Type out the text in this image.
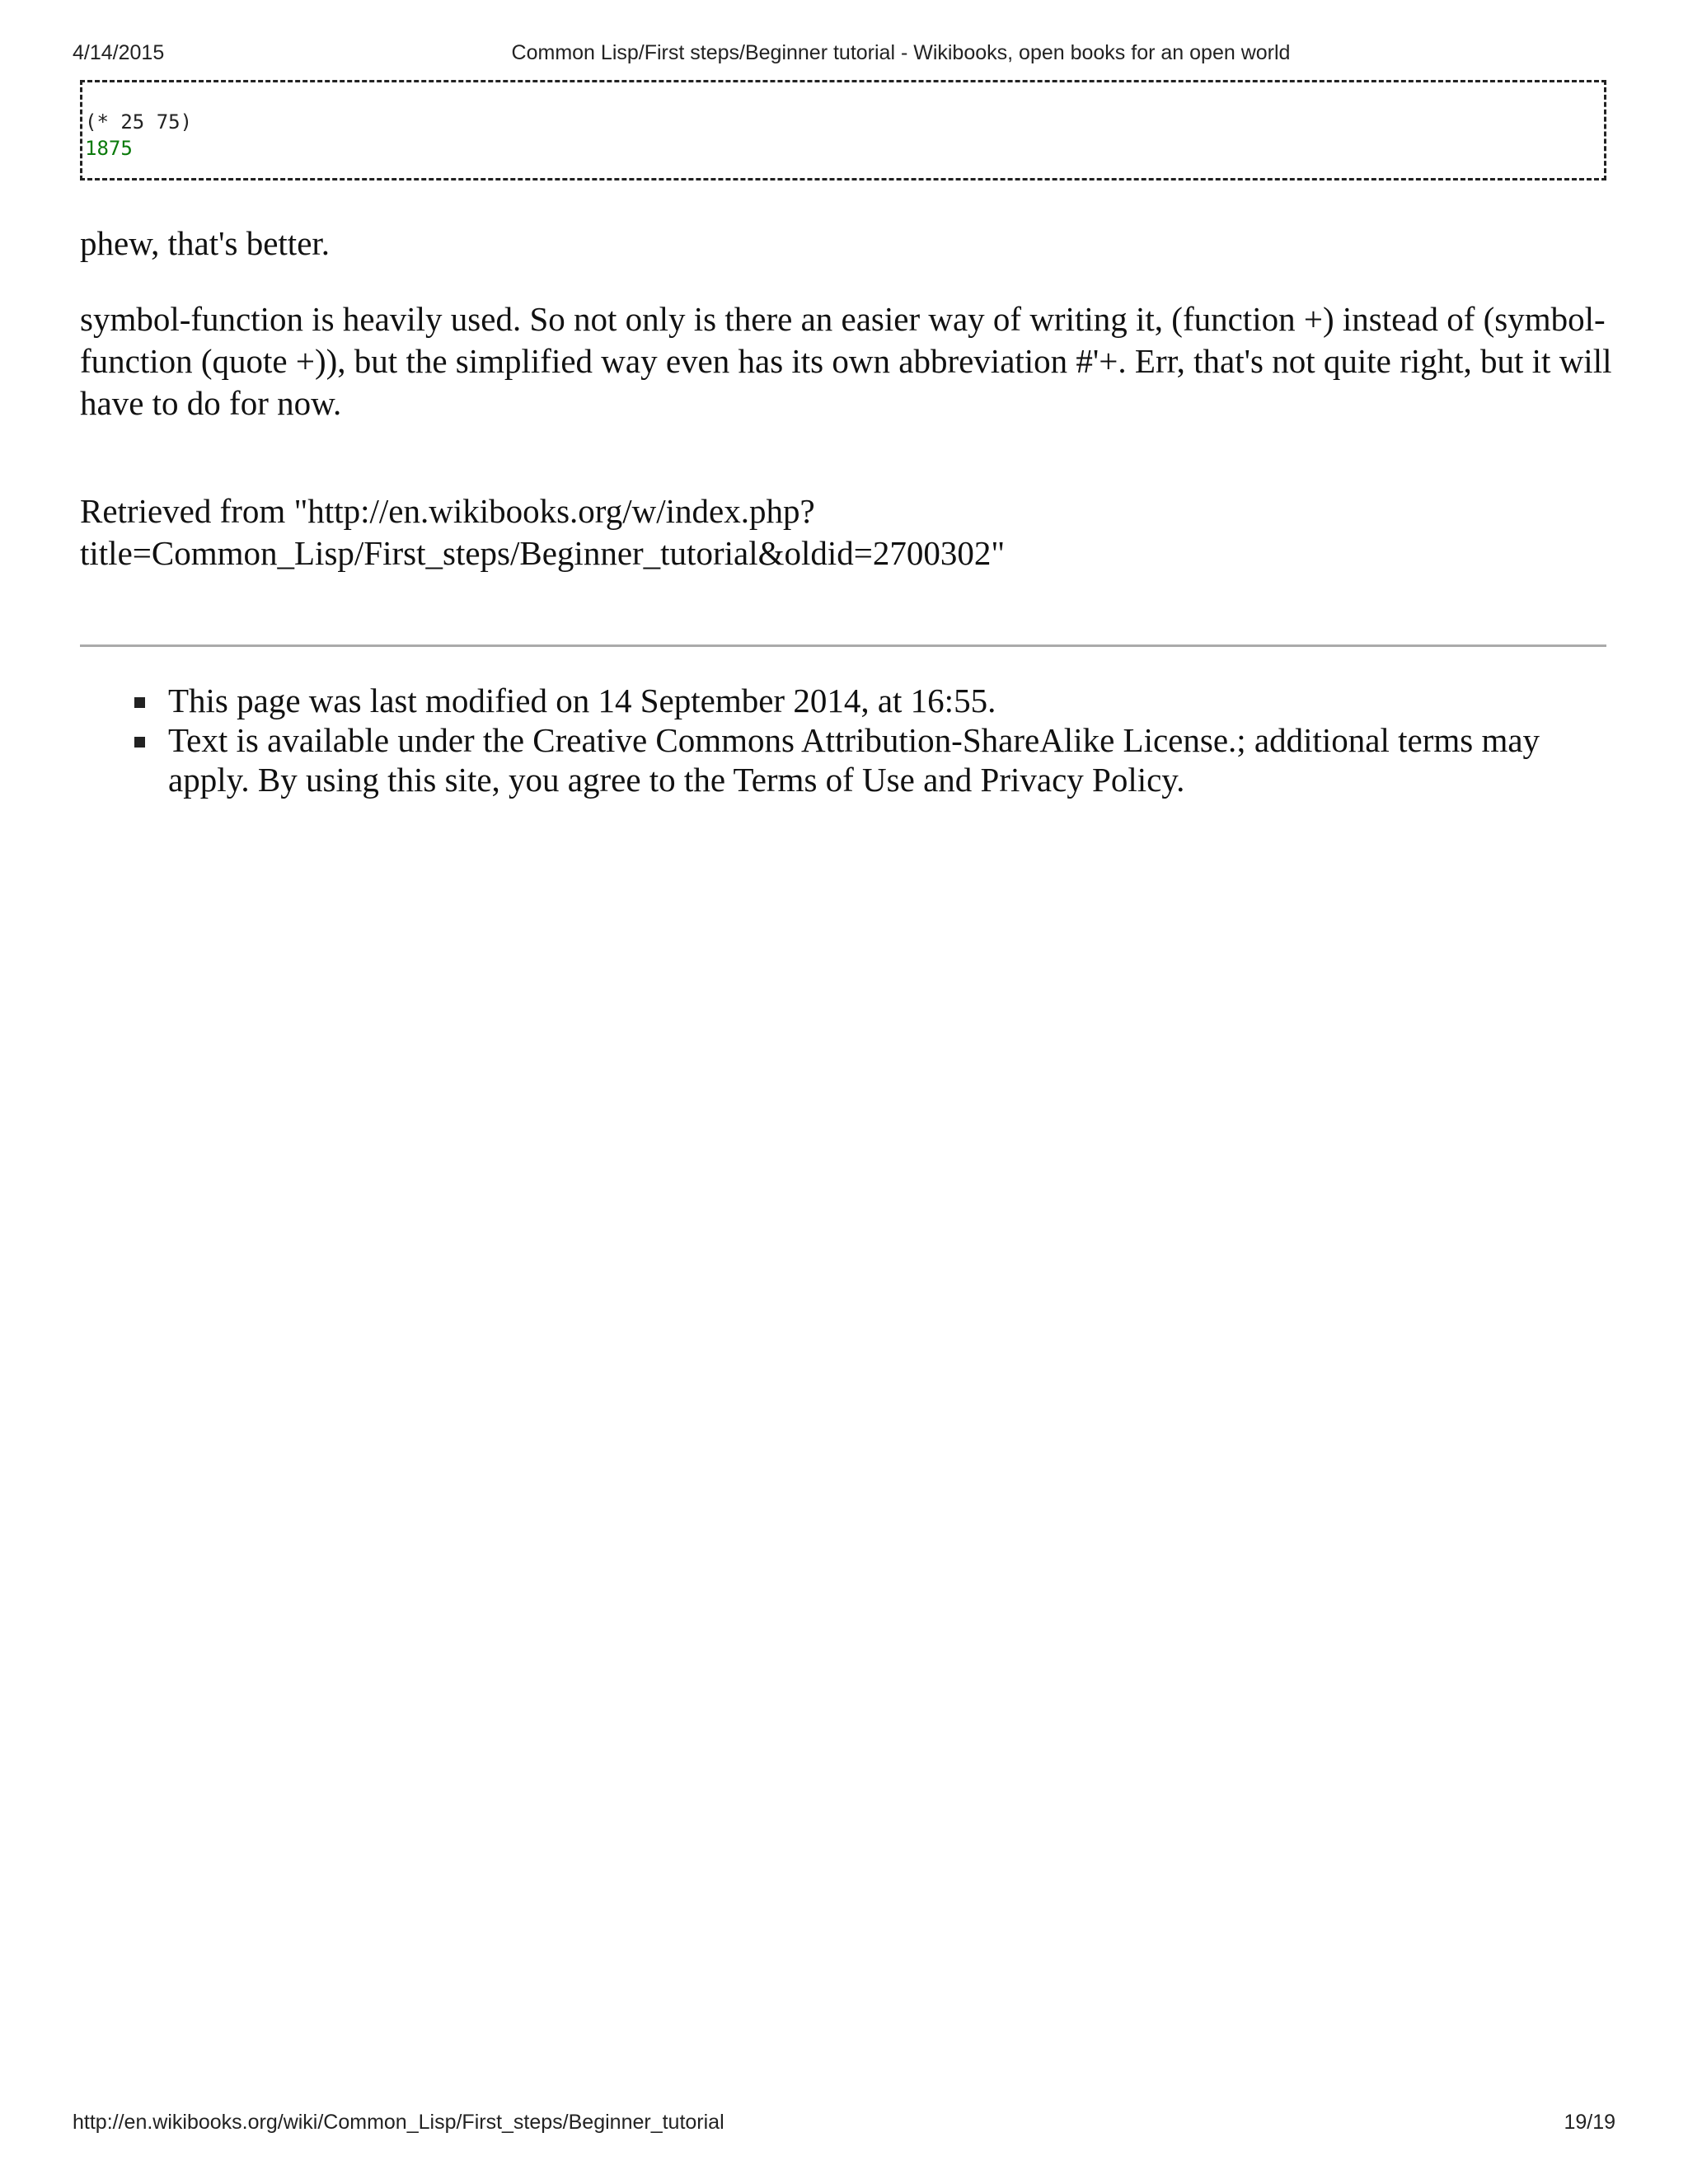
4/14/2015	Common Lisp/First steps/Beginner tutorial - Wikibooks, open books for an open world
(* 25 75)
1875
phew, that's better.
symbol-function is heavily used. So not only is there an easier way of writing it, (function +) instead of (symbol-function (quote +)), but the simplified way even has its own abbreviation #'+. Err, that's not quite right, but it will have to do for now.
Retrieved from "http://en.wikibooks.org/w/index.php?
title=Common_Lisp/First_steps/Beginner_tutorial&oldid=2700302"
This page was last modified on 14 September 2014, at 16:55.
Text is available under the Creative Commons Attribution-ShareAlike License.; additional terms may apply. By using this site, you agree to the Terms of Use and Privacy Policy.
http://en.wikibooks.org/wiki/Common_Lisp/First_steps/Beginner_tutorial	19/19
